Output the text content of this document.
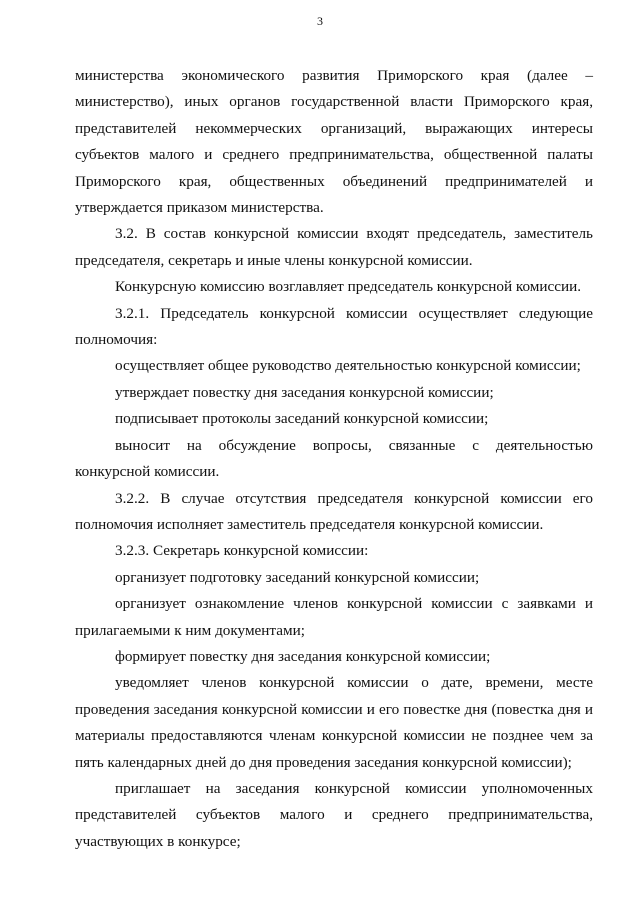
3

министерства экономического развития Приморского края (далее – министерство), иных органов государственной власти Приморского края, представителей некоммерческих организаций, выражающих интересы субъектов малого и среднего предпринимательства, общественной палаты Приморского края, общественных объединений предпринимателей и утверждается приказом министерства.

3.2. В состав конкурсной комиссии входят председатель, заместитель председателя, секретарь и иные члены конкурсной комиссии.

Конкурсную комиссию возглавляет председатель конкурсной комиссии.

3.2.1. Председатель конкурсной комиссии осуществляет следующие полномочия:

осуществляет общее руководство деятельностью конкурсной комиссии;

утверждает повестку дня заседания конкурсной комиссии;

подписывает протоколы заседаний конкурсной комиссии;

выносит на обсуждение вопросы, связанные с деятельностью конкурсной комиссии.

3.2.2. В случае отсутствия председателя конкурсной комиссии его полномочия исполняет заместитель председателя конкурсной комиссии.

3.2.3. Секретарь конкурсной комиссии:

организует подготовку заседаний конкурсной комиссии;

организует ознакомление членов конкурсной комиссии с заявками и прилагаемыми к ним документами;

формирует повестку дня заседания конкурсной комиссии;

уведомляет членов конкурсной комиссии о дате, времени, месте проведения заседания конкурсной комиссии и его повестке дня (повестка дня и материалы предоставляются членам конкурсной комиссии не позднее чем за пять календарных дней до дня проведения заседания конкурсной комиссии);

приглашает на заседания конкурсной комиссии уполномоченных представителей субъектов малого и среднего предпринимательства, участвующих в конкурсе;
